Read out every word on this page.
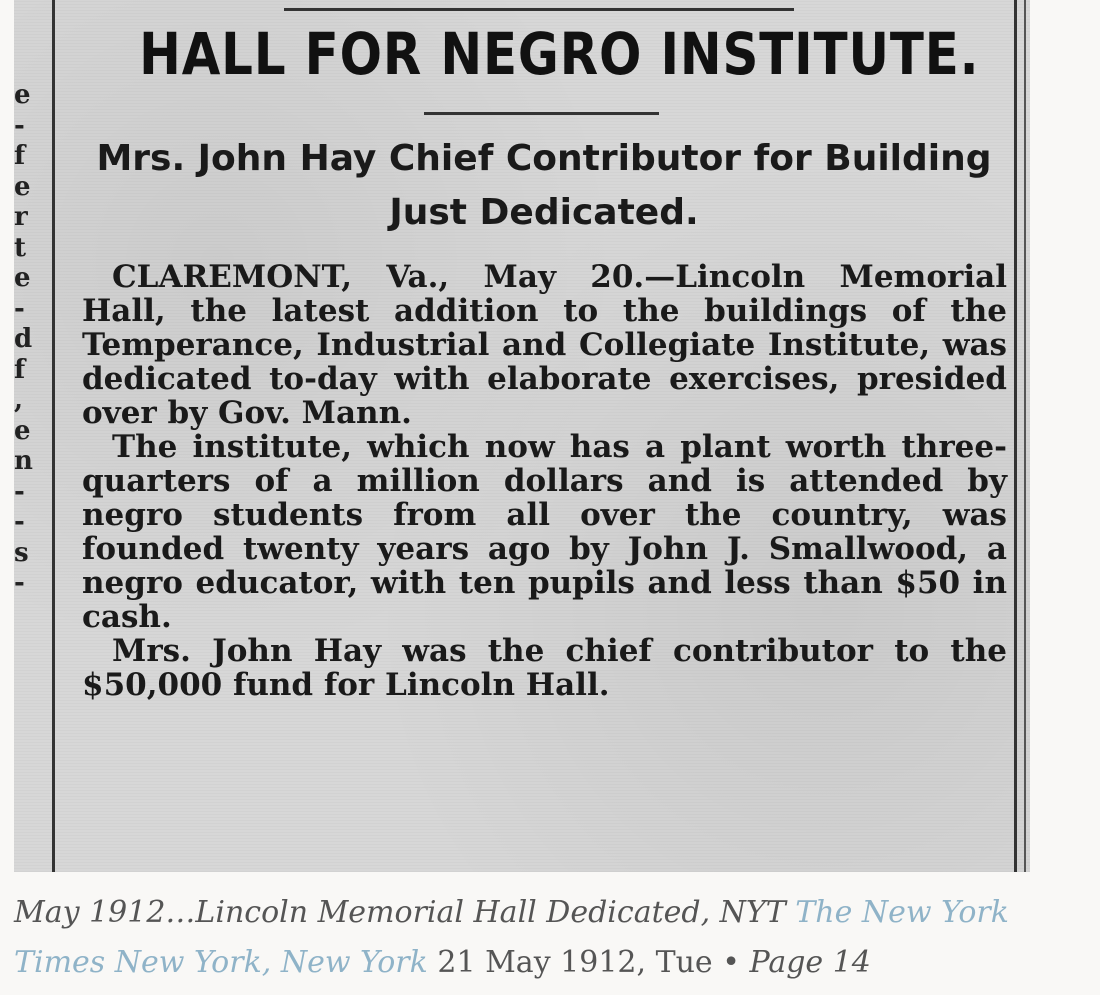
e
-
f
e
r
t
e
-
d
f
,
e
n
-
-
s
-
HALL FOR NEGRO INSTITUTE.
Mrs. John Hay Chief Contributor for Building Just Dedicated.

CLAREMONT, Va., May 20.—Lincoln Memorial Hall, the latest addition to the buildings of the Temperance, Industrial and Collegiate Institute, was dedicated to-day with elaborate exercises, presided over by Gov. Mann.

The institute, which now has a plant worth three-quarters of a million dollars and is attended by negro students from all over the country, was founded twenty years ago by John J. Smallwood, a negro educator, with ten pupils and less than $50 in cash.

Mrs. John Hay was the chief contributor to the $50,000 fund for Lincoln Hall.

May 1912…Lincoln Memorial Hall Dedicated, NYT The New York Times New York, New York 21 May 1912, Tue • Page 14
